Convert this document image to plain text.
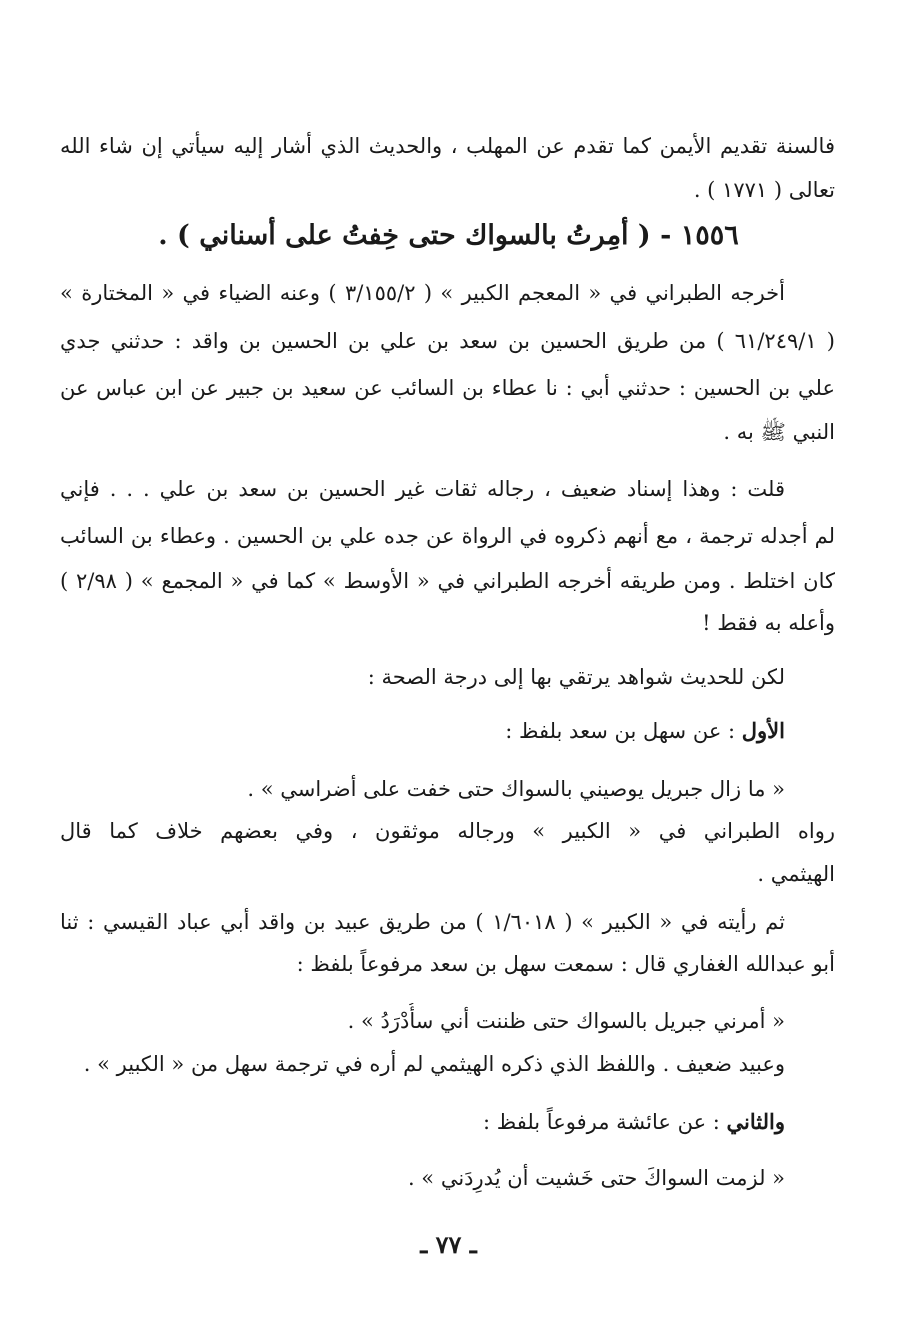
فالسنة تقديم الأيمن كما تقدم عن المهلب ، والحديث الذي أشار إليه سيأتي إن شاء الله
تعالى ( ١٧٧١ ) .
١٥٥٦ - ( أمِرتُ بالسواك حتى خِفتُ على أسناني ) .
أخرجه الطبراني في « المعجم الكبير » ( ٣/١٥٥/٢ ) وعنه الضياء في « المختارة »
( ٦١/٢٤٩/١ ) من طريق الحسين بن سعد بن علي بن الحسين بن واقد : حدثني جدي
علي بن الحسين : حدثني أبي : نا عطاء بن السائب عن سعيد بن جبير عن ابن عباس عن
النبي ﷺ به .
قلت : وهذا إسناد ضعيف ، رجاله ثقات غير الحسين بن سعد بن علي . . . فإني
لم أجدله ترجمة ، مع أنهم ذكروه في الرواة عن جده علي بن الحسين . وعطاء بن السائب
كان اختلط . ومن طريقه أخرجه الطبراني في « الأوسط » كما في « المجمع » ( ٢/٩٨ )
وأعله به فقط !
لكن للحديث شواهد يرتقي بها إلى درجة الصحة :
الأول : عن سهل بن سعد بلفظ :
« ما زال جبريل يوصيني بالسواك حتى خفت على أضراسي » .
رواه الطبراني في « الكبير » ورجاله موثقون ، وفي بعضهم خلاف كما قال
الهيثمي .
ثم رأيته في « الكبير » ( ١/٦٠١٨ ) من طريق عبيد بن واقد أبي عباد القيسي : ثنا
أبو عبدالله الغفاري قال : سمعت سهل بن سعد مرفوعاً بلفظ :
« أمرني جبريل بالسواك حتى ظننت أني سأُدْرَدُ » .
وعبيد ضعيف . واللفظ الذي ذكره الهيثمي لم أره في ترجمة سهل من « الكبير » .
والثاني : عن عائشة مرفوعاً بلفظ :
« لزمت السواكَ حتى خَشيت أن يُدرِدَني » .
ـ ٧٧ ـ
